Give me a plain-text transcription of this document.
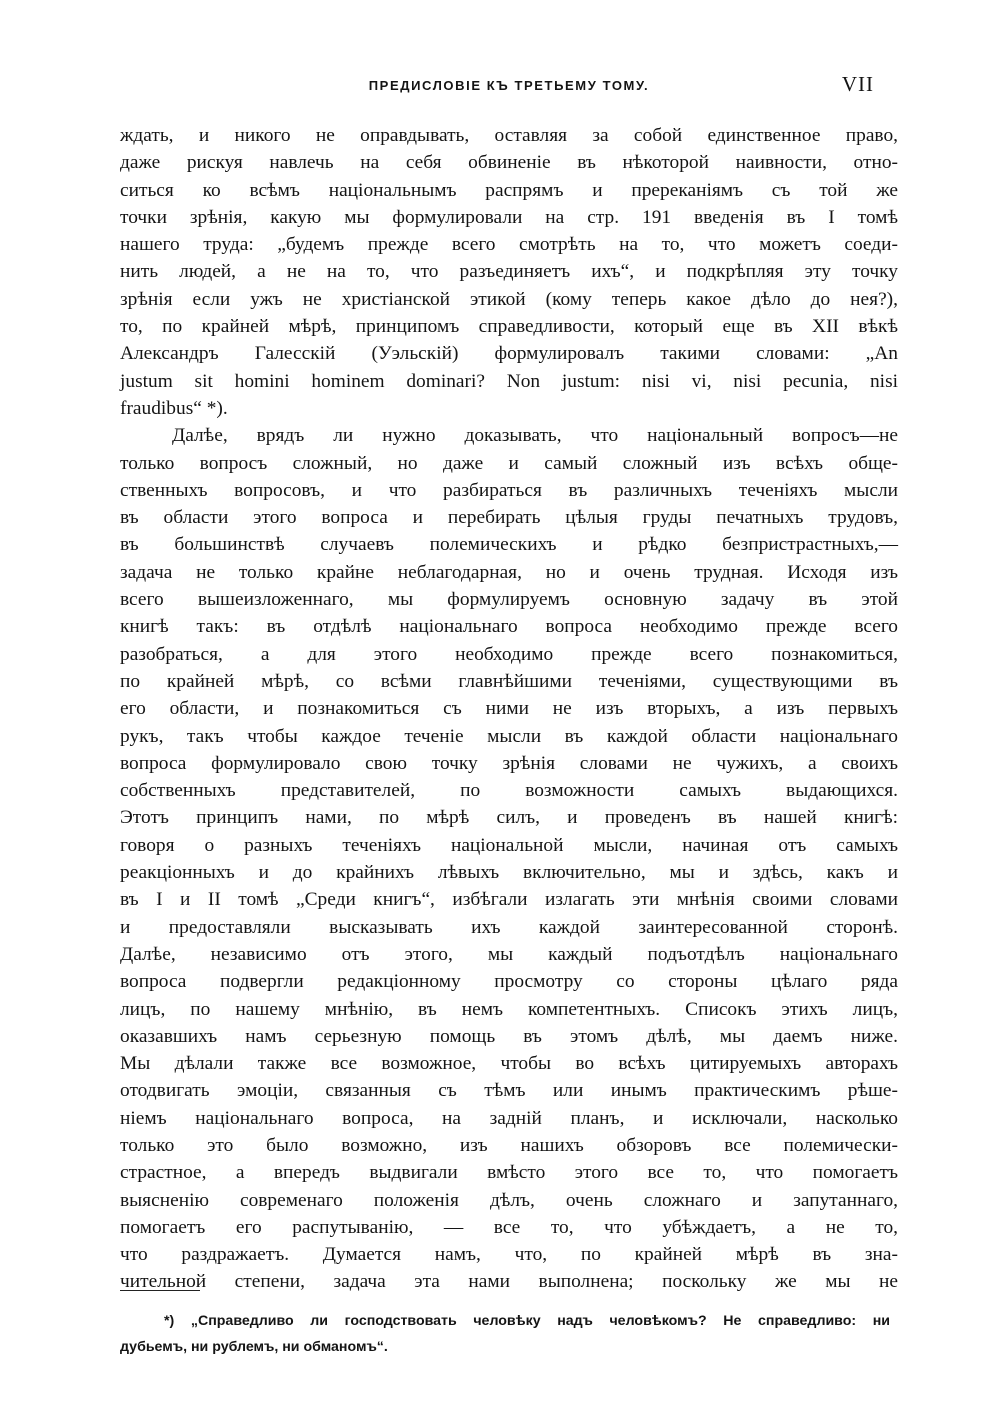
ПРЕДИСЛОВІЕ КЪ ТРЕТЬЕМУ ТОМУ.	VII
ждать, и никого не оправдывать, оставляя за собой единственное право,
даже рискуя навлечь на себя обвиненіе въ нѣкоторой наивности, отно-
ситься ко всѣмъ національнымъ распрямъ и пререканіямъ съ той же
точки зрѣнія, какую мы формулировали на стр. 191 введенія въ I томѣ
нашего труда: „будемъ прежде всего смотрѣть на то, что можетъ соеди-
нить людей, а не на то, что разъединяетъ ихъ“, и подкрѣпляя эту точку
зрѣнія если ужъ не христіанской этикой (кому теперь какое дѣло до нея?),
то, по крайней мѣрѣ, принципомъ справедливости, который еще въ XII вѣкѣ
Александръ Галесскій (Уэльскій) формулировалъ такими словами: „An
justum sit homini hominem dominari? Non justum: nisi vi, nisi pecunia, nisi
fraudibus“ *).
Далѣе, врядъ ли нужно доказывать, что національный вопросъ—не
только вопросъ сложный, но даже и самый сложный изъ всѣхъ обще-
ственныхъ вопросовъ, и что разбираться въ различныхъ теченіяхъ мысли
въ области этого вопроса и перебирать цѣлыя груды печатныхъ трудовъ,
въ большинствѣ случаевъ полемическихъ и рѣдко безпристрастныхъ,—
задача не только крайне неблагодарная, но и очень трудная. Исходя изъ
всего вышеизложеннаго, мы формулируемъ основную задачу въ этой
книгѣ такъ: въ отдѣлѣ національнаго вопроса необходимо прежде всего
разобраться, а для этого необходимо прежде всего познакомиться,
по крайней мѣрѣ, со всѣми главнѣйшими теченіями, существующими въ
его области, и познакомиться съ ними не изъ вторыхъ, а изъ первыхъ
рукъ, такъ чтобы каждое теченіе мысли въ каждой области національнаго
вопроса формулировало свою точку зрѣнія словами не чужихъ, а своихъ
собственныхъ представителей, по возможности самыхъ выдающихся.
Этотъ принципъ нами, по мѣрѣ силъ, и проведенъ въ нашей книгѣ:
говоря о разныхъ теченіяхъ національной мысли, начиная отъ самыхъ
реакціонныхъ и до крайнихъ лѣвыхъ включительно, мы и здѣсь, какъ и
въ I и II томѣ „Среди книгъ“, избѣгали излагать эти мнѣнія своими словами
и предоставляли высказывать ихъ каждой заинтересованной сторонѣ.
Далѣе, независимо отъ этого, мы каждый подъотдѣлъ національнаго
вопроса подвергли редакціонному просмотру со стороны цѣлаго ряда
лицъ, по нашему мнѣнію, въ немъ компетентныхъ. Списокъ этихъ лицъ,
оказавшихъ намъ серьезную помощь въ этомъ дѣлѣ, мы даемъ ниже.
Мы дѣлали также все возможное, чтобы во всѣхъ цитируемыхъ авторахъ
отодвигать эмоціи, связанныя съ тѣмъ или инымъ практическимъ рѣше-
ніемъ національнаго вопроса, на задній планъ, и исключали, насколько
только это было возможно, изъ нашихъ обзоровъ все полемически-
страстное, а впередъ выдвигали вмѣсто этого все то, что помогаетъ
выясненію современаго положенія дѣлъ, очень сложнаго и запутаннаго,
помогаетъ его распутыванію, — все то, что убѣждаетъ, а не то,
что раздражаетъ. Думается намъ, что, по крайней мѣрѣ въ зна-
чительной степени, задача эта нами выполнена; поскольку же мы не
*) „Справедливо ли господствовать человѣку надъ человѣкомъ? Не справедливо: ни
дубьемъ, ни рублемъ, ни обманомъ“.
